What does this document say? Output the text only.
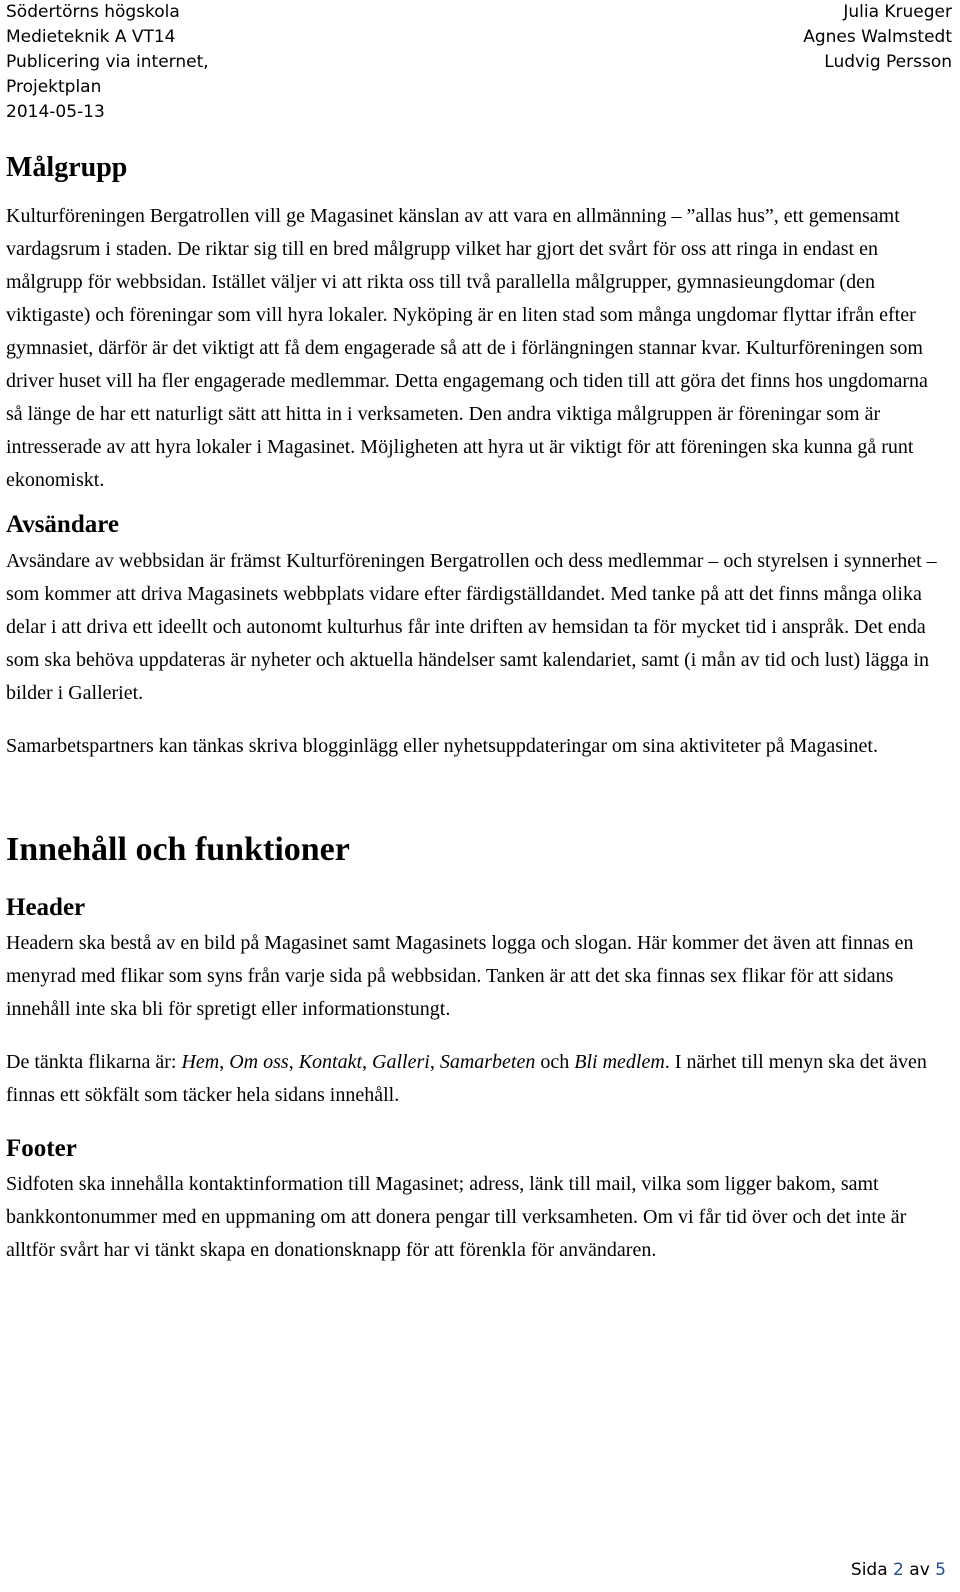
Södertörns högskola
Medieteknik A VT14
Publicering via internet,
Projektplan
2014-05-13
Julia Krueger
Agnes Walmstedt
Ludvig Persson
Målgrupp

Kulturföreningen Bergatrollen vill ge Magasinet känslan av att vara en allmänning – ”allas hus”, ett gemensamt vardagsrum i staden. De riktar sig till en bred målgrupp vilket har gjort det svårt för oss att ringa in endast en målgrupp för webbsidan. Istället väljer vi att rikta oss till två parallella målgrupper, gymnasieungdomar (den viktigaste) och föreningar som vill hyra lokaler. Nyköping är en liten stad som många ungdomar flyttar ifrån efter gymnasiet, därför är det viktigt att få dem engagerade så att de i förlängningen stannar kvar. Kulturföreningen som driver huset vill ha fler engagerade medlemmar. Detta engagemang och tiden till att göra det finns hos ungdomarna så länge de har ett naturligt sätt att hitta in i verksameten. Den andra viktiga målgruppen är föreningar som är intresserade av att hyra lokaler i Magasinet. Möjligheten att hyra ut är viktigt för att föreningen ska kunna gå runt ekonomiskt.

Avsändare

Avsändare av webbsidan är främst Kulturföreningen Bergatrollen och dess medlemmar – och styrelsen i synnerhet – som kommer att driva Magasinets webbplats vidare efter färdigställdandet. Med tanke på att det finns många olika delar i att driva ett ideellt och autonomt kulturhus får inte driften av hemsidan ta för mycket tid i anspråk. Det enda som ska behöva uppdateras är nyheter och aktuella händelser samt kalendariet, samt (i mån av tid och lust) lägga in bilder i Galleriet.

Samarbetspartners kan tänkas skriva blogginlägg eller nyhetsuppdateringar om sina aktiviteter på Magasinet.

Innehåll och funktioner
Header

Headern ska bestå av en bild på Magasinet samt Magasinets logga och slogan. Här kommer det även att finnas en menyrad med flikar som syns från varje sida på webbsidan. Tanken är att det ska finnas sex flikar för att sidans innehåll inte ska bli för spretigt eller informationstungt.

De tänkta flikarna är: Hem, Om oss, Kontakt, Galleri, Samarbeten och Bli medlem. I närhet till menyn ska det även finnas ett sökfält som täcker hela sidans innehåll.

Footer

Sidfoten ska innehålla kontaktinformation till Magasinet; adress, länk till mail, vilka som ligger bakom, samt bankkontonummer med en uppmaning om att donera pengar till verksamheten. Om vi får tid över och det inte är alltför svårt har vi tänkt skapa en donationsknapp för att förenkla för användaren.

Sida 2 av 5
